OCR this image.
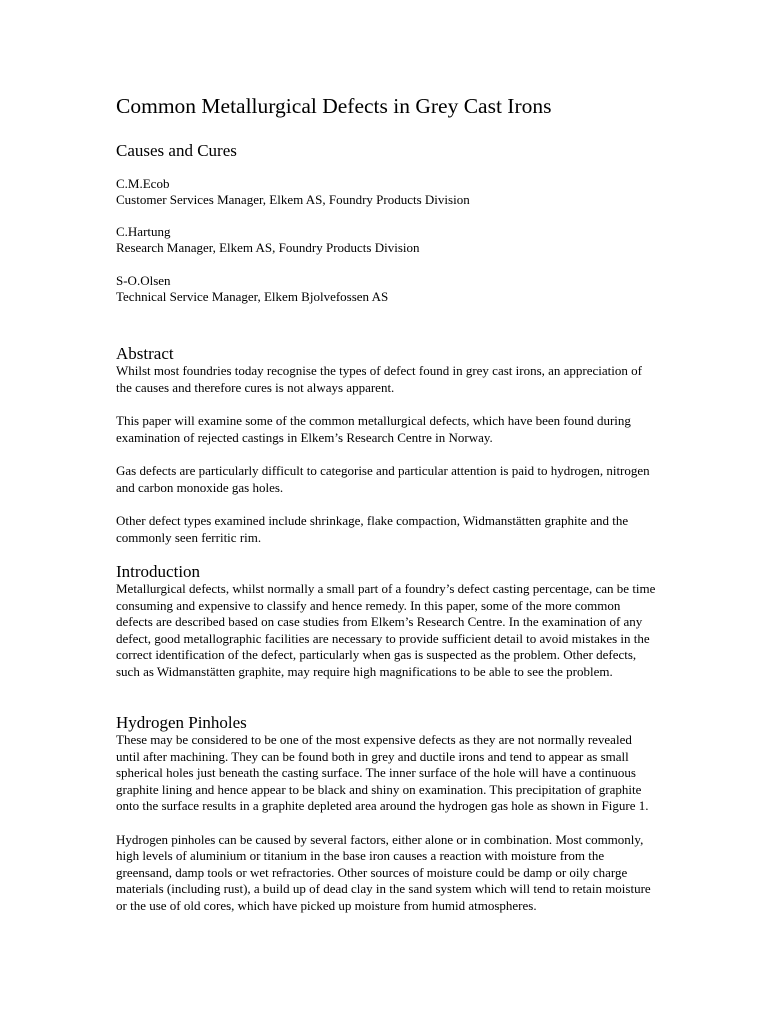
Common Metallurgical Defects in Grey Cast Irons
Causes and Cures
C.M.Ecob
Customer Services Manager, Elkem AS, Foundry Products Division
C.Hartung
Research Manager, Elkem AS, Foundry Products Division
S-O.Olsen
Technical Service Manager, Elkem Bjolvefossen AS
Abstract

Whilst most foundries today recognise the types of defect found in grey cast irons, an appreciation of the causes and therefore cures is not always apparent.

This paper will examine some of the common metallurgical defects, which have been found during examination of rejected castings in Elkem’s Research Centre in Norway.

Gas defects are particularly difficult to categorise and particular attention is paid to hydrogen, nitrogen and carbon monoxide gas holes.

Other defect types examined include shrinkage, flake compaction, Widmanstätten graphite and the commonly seen ferritic rim.

Introduction

Metallurgical defects, whilst normally a small part of a foundry’s defect casting percentage, can be time consuming and expensive to classify and hence remedy. In this paper, some of the more common defects are described based on case studies from Elkem’s Research Centre. In the examination of any defect, good metallographic facilities are necessary to provide sufficient detail to avoid mistakes in the correct identification of the defect, particularly when gas is suspected as the problem. Other defects, such as Widmanstätten graphite, may require high magnifications to be able to see the problem.

Hydrogen Pinholes

These may be considered to be one of the most expensive defects as they are not normally revealed until after machining. They can be found both in grey and ductile irons and tend to appear as small spherical holes just beneath the casting surface. The inner surface of the hole will have a continuous graphite lining and hence appear to be black and shiny on examination. This precipitation of graphite onto the surface results in a graphite depleted area around the hydrogen gas hole as shown in Figure 1.

Hydrogen pinholes can be caused by several factors, either alone or in combination. Most commonly, high levels of aluminium or titanium in the base iron causes a reaction with moisture from the greensand, damp tools or wet refractories. Other sources of moisture could be damp or oily charge materials (including rust), a build up of dead clay in the sand system which will tend to retain moisture or the use of old cores, which have picked up moisture from humid atmospheres.
